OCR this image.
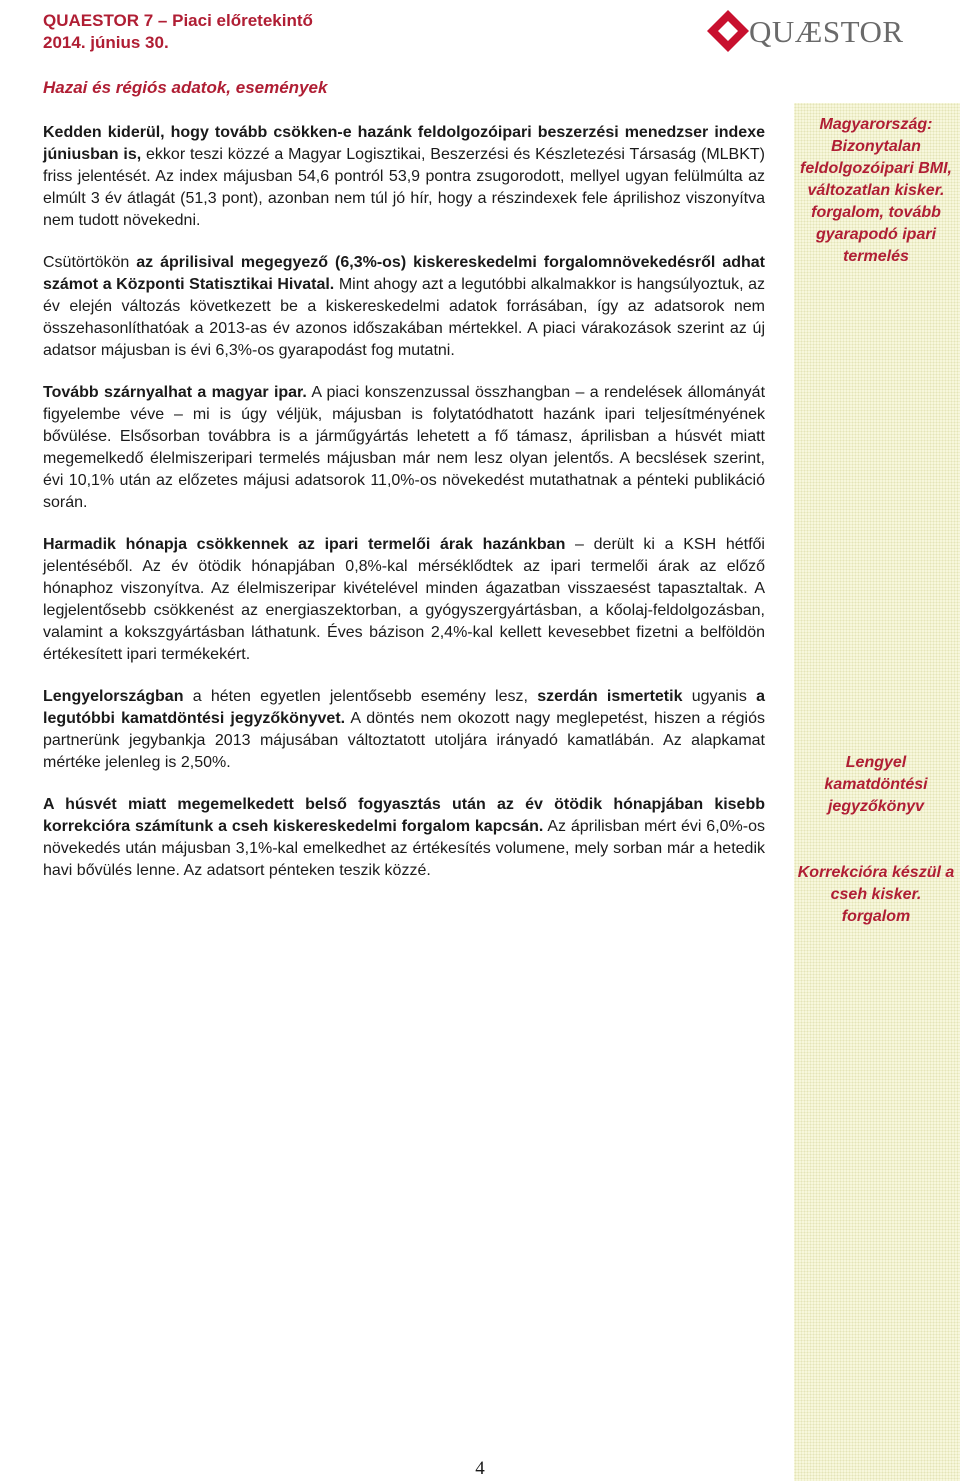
QUAESTOR 7 – Piaci előretekintő
2014. június 30.	QUÆSTOR
Hazai és régiós adatok, események

Kedden kiderül, hogy tovább csökken-e hazánk feldolgozóipari beszerzési menedzser indexe júniusban is, ekkor teszi közzé a Magyar Logisztikai, Beszerzési és Készletezési Társaság (MLBKT) friss jelentését. Az index májusban 54,6 pontról 53,9 pontra zsugorodott, mellyel ugyan felülmúlta az elmúlt 3 év átlagát (51,3 pont), azonban nem túl jó hír, hogy a részindexek fele áprilishoz viszonyítva nem tudott növekedni.

Csütörtökön az áprilisival megegyező (6,3%-os) kiskereskedelmi forgalomnövekedésről adhat számot a Központi Statisztikai Hivatal. Mint ahogy azt a legutóbbi alkalmakkor is hangsúlyoztuk, az év elején változás következett be a kiskereskedelmi adatok forrásában, így az adatsorok nem összehasonlíthatóak a 2013-as év azonos időszakában mértekkel. A piaci várakozások szerint az új adatsor májusban is évi 6,3%-os gyarapodást fog mutatni.

Tovább szárnyalhat a magyar ipar. A piaci konszenzussal összhangban – a rendelések állományát figyelembe véve – mi is úgy véljük, májusban is folytatódhatott hazánk ipari teljesítményének bővülése. Elsősorban továbbra is a járműgyártás lehetett a fő támasz, áprilisban a húsvét miatt megemelkedő élelmiszeripari termelés májusban már nem lesz olyan jelentős. A becslések szerint, évi 10,1% után az előzetes májusi adatsorok 11,0%-os növekedést mutathatnak a pénteki publikáció során.

Harmadik hónapja csökkennek az ipari termelői árak hazánkban – derült ki a KSH hétfői jelentéséből. Az év ötödik hónapjában 0,8%-kal mérséklődtek az ipari termelői árak az előző hónaphoz viszonyítva. Az élelmiszeripar kivételével minden ágazatban visszaesést tapasztaltak. A legjelentősebb csökkenést az energiaszektorban, a gyógyszergyártásban, a kőolaj-feldolgozásban, valamint a kokszgyártásban láthatunk. Éves bázison 2,4%-kal kellett kevesebbet fizetni a belföldön értékesített ipari termékekért.

Lengyelországban a héten egyetlen jelentősebb esemény lesz, szerdán ismertetik ugyanis a legutóbbi kamatdöntési jegyzőkönyvet. A döntés nem okozott nagy meglepetést, hiszen a régiós partnerünk jegybankja 2013 májusában változtatott utoljára irányadó kamatlábán. Az alapkamat mértéke jelenleg is 2,50%.

A húsvét miatt megemelkedett belső fogyasztás után az év ötödik hónapjában kisebb korrekcióra számítunk a cseh kiskereskedelmi forgalom kapcsán. Az áprilisban mért évi 6,0%-os növekedés után májusban 3,1%-kal emelkedhet az értékesítés volumene, mely sorban már a hetedik havi bővülés lenne. Az adatsort pénteken teszik közzé.

Magyarország: Bizonytalan feldolgozóipari BMI, változatlan kisker. forgalom, tovább gyarapodó ipari termelés
Lengyel kamatdöntési jegyzőkönyv
Korrekcióra készül a cseh kisker. forgalom
4
